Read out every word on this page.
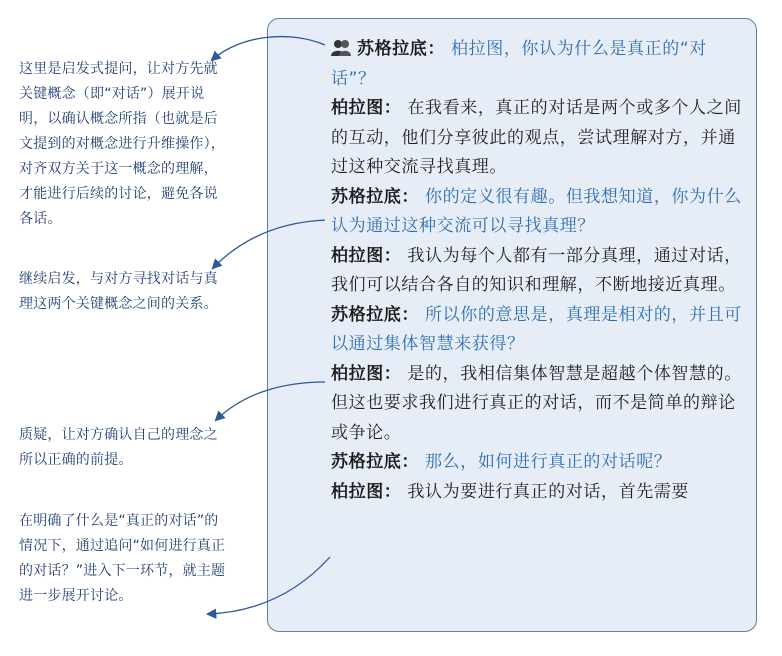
这里是启发式提问，让对方先就关键概念（即“对话”）展开说明，以确认概念所指（也就是后文提到的对概念进行升维操作），对齐双方关于这一概念的理解，才能进行后续的讨论，避免各说各话。
继续启发，与对方寻找对话与真理这两个关键概念之间的关系。
质疑，让对方确认自己的理念之所以正确的前提。
在明确了什么是“真正的对话”的情况下，通过追问“如何进行真正的对话？”进入下一环节，就主题进一步展开讨论。
苏格拉底： 柏拉图，你认为什么是真正的“对话”？
柏拉图： 在我看来，真正的对话是两个或多个人之间的互动，他们分享彼此的观点，尝试理解对方，并通过这种交流寻找真理。
苏格拉底： 你的定义很有趣。但我想知道，你为什么认为通过这种交流可以寻找真理？
柏拉图： 我认为每个人都有一部分真理，通过对话，我们可以结合各自的知识和理解，不断地接近真理。
苏格拉底： 所以你的意思是，真理是相对的，并且可以通过集体智慧来获得？
柏拉图： 是的，我相信集体智慧是超越个体智慧的。但这也要求我们进行真正的对话，而不是简单的辩论或争论。
苏格拉底： 那么，如何进行真正的对话呢？
柏拉图： 我认为要进行真正的对话，首先需要
